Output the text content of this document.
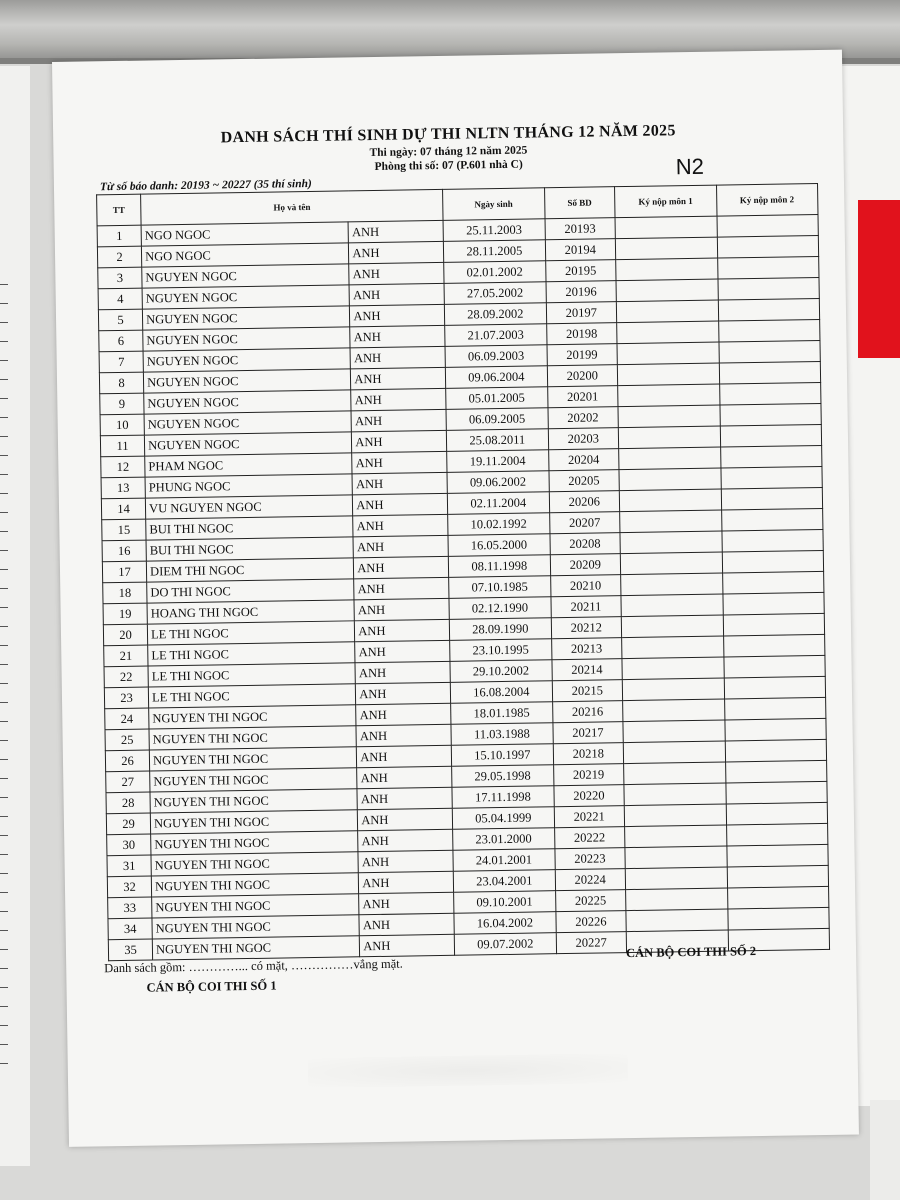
DANH SÁCH THÍ SINH DỰ THI NLTN THÁNG 12 NĂM 2025
Thi ngày: 07 tháng 12 năm 2025
Phòng thi số: 07 (P.601 nhà C)
Từ số báo danh: 20193 ~ 20227 (35 thí sinh)
N2
TT	Họ và tên		Ngày sinh	Số BD	Ký nộp môn 1	Ký nộp môn 2
1	NGO NGOC	ANH	25.11.2003	20193		
2	NGO NGOC	ANH	28.11.2005	20194		
3	NGUYEN NGOC	ANH	02.01.2002	20195		
4	NGUYEN NGOC	ANH	27.05.2002	20196		
5	NGUYEN NGOC	ANH	28.09.2002	20197		
6	NGUYEN NGOC	ANH	21.07.2003	20198		
7	NGUYEN NGOC	ANH	06.09.2003	20199		
8	NGUYEN NGOC	ANH	09.06.2004	20200		
9	NGUYEN NGOC	ANH	05.01.2005	20201		
10	NGUYEN NGOC	ANH	06.09.2005	20202		
11	NGUYEN NGOC	ANH	25.08.2011	20203		
12	PHAM NGOC	ANH	19.11.2004	20204		
13	PHUNG NGOC	ANH	09.06.2002	20205		
14	VU NGUYEN NGOC	ANH	02.11.2004	20206		
15	BUI THI NGOC	ANH	10.02.1992	20207		
16	BUI THI NGOC	ANH	16.05.2000	20208		
17	DIEM THI NGOC	ANH	08.11.1998	20209		
18	DO THI NGOC	ANH	07.10.1985	20210		
19	HOANG THI NGOC	ANH	02.12.1990	20211		
20	LE THI NGOC	ANH	28.09.1990	20212		
21	LE THI NGOC	ANH	23.10.1995	20213		
22	LE THI NGOC	ANH	29.10.2002	20214		
23	LE THI NGOC	ANH	16.08.2004	20215		
24	NGUYEN THI NGOC	ANH	18.01.1985	20216		
25	NGUYEN THI NGOC	ANH	11.03.1988	20217		
26	NGUYEN THI NGOC	ANH	15.10.1997	20218		
27	NGUYEN THI NGOC	ANH	29.05.1998	20219		
28	NGUYEN THI NGOC	ANH	17.11.1998	20220		
29	NGUYEN THI NGOC	ANH	05.04.1999	20221		
30	NGUYEN THI NGOC	ANH	23.01.2000	20222		
31	NGUYEN THI NGOC	ANH	24.01.2001	20223		
32	NGUYEN THI NGOC	ANH	23.04.2001	20224		
33	NGUYEN THI NGOC	ANH	09.10.2001	20225		
34	NGUYEN THI NGOC	ANH	16.04.2002	20226		
35	NGUYEN THI NGOC	ANH	09.07.2002	20227		
Danh sách gồm: …………... có mặt, ……………vắng mặt.
CÁN BỘ COI THI SỐ 2
CÁN BỘ COI THI SỐ 1
